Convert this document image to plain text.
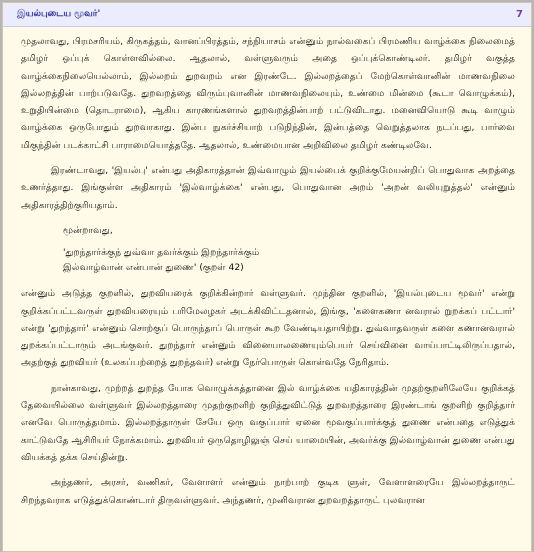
இயல்புடைய மூவர்'	7

முதலாவது, பிரமசரியம், கிருகத்தம், வானப்பிரத்தம், சந்நியாசம் என்னும் நால்வகைப் பிரமணிய வாழ்க்கை நிலைமைத் தமிழர் ஒப்புக் கொள்ளவில்லை. ஆதலால், வள்ளுவரும் அதை ஒப்புக்கொண்டிலர். தமிழர் வகுத்த வாழ்க்கைநிலையெல்லாம், இல்லறம் துறவறம் என இரண்டே. இல்லறத்தைப் மேற்கொள்வானின் மாணவநிலை இல்லறத்தின் பாற்படுவதே. துறவறத்தை விரும்புவானின் மாணவநிலையும், உண்மை மின்மை (கூடா வொழுக்கம்), உறுதியின்மை (தொடராமை), ஆகிய காரணங்களால் துறவறத்தின்பாற் பட்டுவிடாது. மனைவியொடு கூடி வாழும் வாழ்க்கை ஒருபோதும் துறவாகாது. இன்ப நுகர்ச்சியாற் படுநிந்தின், இன்பத்தை வெறுத்தலாக நடப்பது, பார்வை மிகுந்தின் படக்காட்சி பாராமையொத்ததே. ஆதலால், உண்மையான அறிவிலை தமிழர் கண்டிலவே.

இரண்டாவது, 'இயல்பு' என்பது அதிகாரத்தான் இவ்வாழும் இயல்பைக் குறிக்குமேயன்றிப் பொதுவாக அறத்தை உணர்த்தாது. இங்குள்ள அதிகாரம் 'இல்வாழ்க்கை' என்பது, பொதுவான அறம் 'அறன் வலியுறுத்தல்' என்னும் அதிகாரத்திற்குரியதாம்.

மூன்றாவது,

'துறந்தார்க்குந் துவ்வா தவர்க்கும் இறந்தார்க்கும்
இல்வாழ்வான் என்பான் துணை' (குறள் 42)

என்னும் அடுத்த குறளில், துறவியரைக் குறிக்கின்றார் வள்ளுவர். முந்தின குறளில், 'இயல்புடைய மூவர்' என்று குறிக்கப்பட்டவருள் துறவியரையும் பரிமேலழகர் அடக்கிவிட்டதனால், இங்கு, 'களைகணா னவரால் றுறக்கப் பட்டார்' என்று 'துறந்தார்' என்னும் சொற்குப் பொருந்தாப் பொருள் கூற வேண்டியதாயிற்று. துவ்வாதவருள் களை கணானவரால் துறக்கப்பட்டாரும் அடங்குவர். துறந்தார் என்னும் வினையாலணையும்பெயர் செய்வினை வாய்பாட்டிலிருப்பதால், அதற்குத் துறவியர் (உலகப்பற்றைத் துறந்தவர்) என்று நேர்பொருள் கொள்வதே நேரிதாம்.

நான்காவது, முற்றத் துறந்த யோக வொழுக்கத்தானை இல் வாழ்க்கை யதிகாரத்தின் முதற்குறளிலேயே குறிக்கத் தேவையில்லை வள்ளுவர் இல்லறத்தாரை முதற்குறளிற் குறித்துவிட்டுத் துறவறத்தாரை இரண்டாங் குறளிற் குறித்தார் எனவே பொருத்தமாம். இல்லறத்தாருள் சேயே ஒரு வகுப்பார் ஏனை மூவகுப்பார்க்குத் துணை என்பதை எடுத்துக் காட்டுவதே ஆசிரியர் நோக்கமாம். துறவியர் ஒருதொழிலுஞ் செய் யாமையின், அவர்க்கு இல்வாழ்வான் துணை என்பது வியக்கத் தக்க செய்தின்று.

அந்தணர், அரசர், வணிகர், வேளாளர் என்னும் நாற்பாற் குடிக ளுள், வேளாளரையே இல்லறத்தாருட் சிறந்தவராக எடுத்துக்கொண்டார் திருவள்ளுவர். அந்தணர், முனிவரான துறவறத்தாருட் புலவரான
